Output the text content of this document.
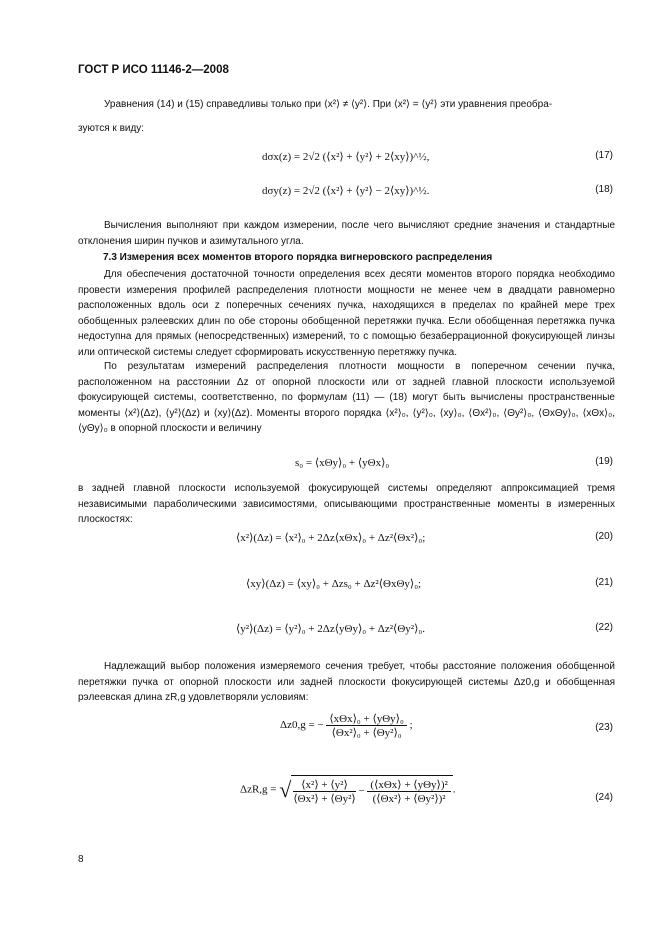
ГОСТ Р ИСО 11146-2—2008
Уравнения (14) и (15) справедливы только при ⟨x²⟩ ≠ ⟨y²⟩. При ⟨x²⟩ = ⟨y²⟩ эти уравнения преобра-
зуются к виду:
dσx(z) = 2√2 (⟨x²⟩ + ⟨y²⟩ + 2⟨xy⟩)^½,	(17)
dσy(z) = 2√2 (⟨x²⟩ + ⟨y²⟩ − 2⟨xy⟩)^½.	(18)
Вычисления выполняют при каждом измерении, после чего вычисляют средние значения и стандартные отклонения ширин пучков и азимутального угла.
7.3 Измерения всех моментов второго порядка вигнеровского распределения
Для обеспечения достаточной точности определения всех десяти моментов второго порядка необходимо провести измерения профилей распределения плотности мощности не менее чем в двадцати равномерно расположенных вдоль оси z поперечных сечениях пучка, находящихся в пределах по крайней мере трех обобщенных рэлеевских длин по обе стороны обобщенной перетяжки пучка. Если обобщенная перетяжка пучка недоступна для прямых (непосредственных) измерений, то с помощью безаберрационной фокусирующей линзы или оптической системы следует сформировать искусственную перетяжку пучка.
По результатам измерений распределения плотности мощности в поперечном сечении пучка, расположенном на расстоянии Δz от опорной плоскости или от задней главной плоскости используемой фокусирующей системы, соответственно, по формулам (11) — (18) могут быть вычислены пространственные моменты ⟨x²⟩(Δz), ⟨y²⟩(Δz) и ⟨xy⟩(Δz). Моменты второго порядка ⟨x²⟩₀, ⟨y²⟩₀, ⟨xy⟩₀, ⟨Θx²⟩₀, ⟨Θy²⟩₀, ⟨ΘxΘy⟩₀, ⟨xΘx⟩₀, ⟨yΘy⟩₀ в опорной плоскости и величину
s₀ = ⟨xΘy⟩₀ + ⟨yΘx⟩₀	(19)
в задней главной плоскости используемой фокусирующей системы определяют аппроксимацией тремя независимыми параболическими зависимостями, описывающими пространственные моменты в измеренных плоскостях:
⟨x²⟩(Δz) = ⟨x²⟩₀ + 2Δz⟨xΘx⟩₀ + Δz²⟨Θx²⟩₀;	(20)
⟨xy⟩(Δz) = ⟨xy⟩₀ + Δzs₀ + Δz²⟨ΘxΘy⟩₀;	(21)
⟨y²⟩(Δz) = ⟨y²⟩₀ + 2Δz⟨yΘy⟩₀ + Δz²⟨Θy²⟩₀.	(22)
Надлежащий выбор положения измеряемого сечения требует, чтобы расстояние положения обобщенной перетяжки пучка от опорной плоскости или задней плоскости фокусирующей системы Δz0,g и обобщенная рэлеевская длина zR,g удовлетворяли условиям:
Δz0,g = − $\frac{\text{⟨xΘx⟩₀ + ⟨yΘy⟩₀}}{\text{⟨Θx²⟩₀ + ⟨Θy²⟩₀}}$ ;	(23)
ΔzR,g = √ $\frac{\text{⟨x²⟩ + ⟨y²⟩}}{\text{⟨Θx²⟩ + ⟨Θy²⟩}} - \frac{\text{(⟨xΘx⟩ + ⟨yΘy⟩)²}}{\text{(⟨Θx²⟩ + ⟨Θy²⟩)²}}$ .
(24)
8
